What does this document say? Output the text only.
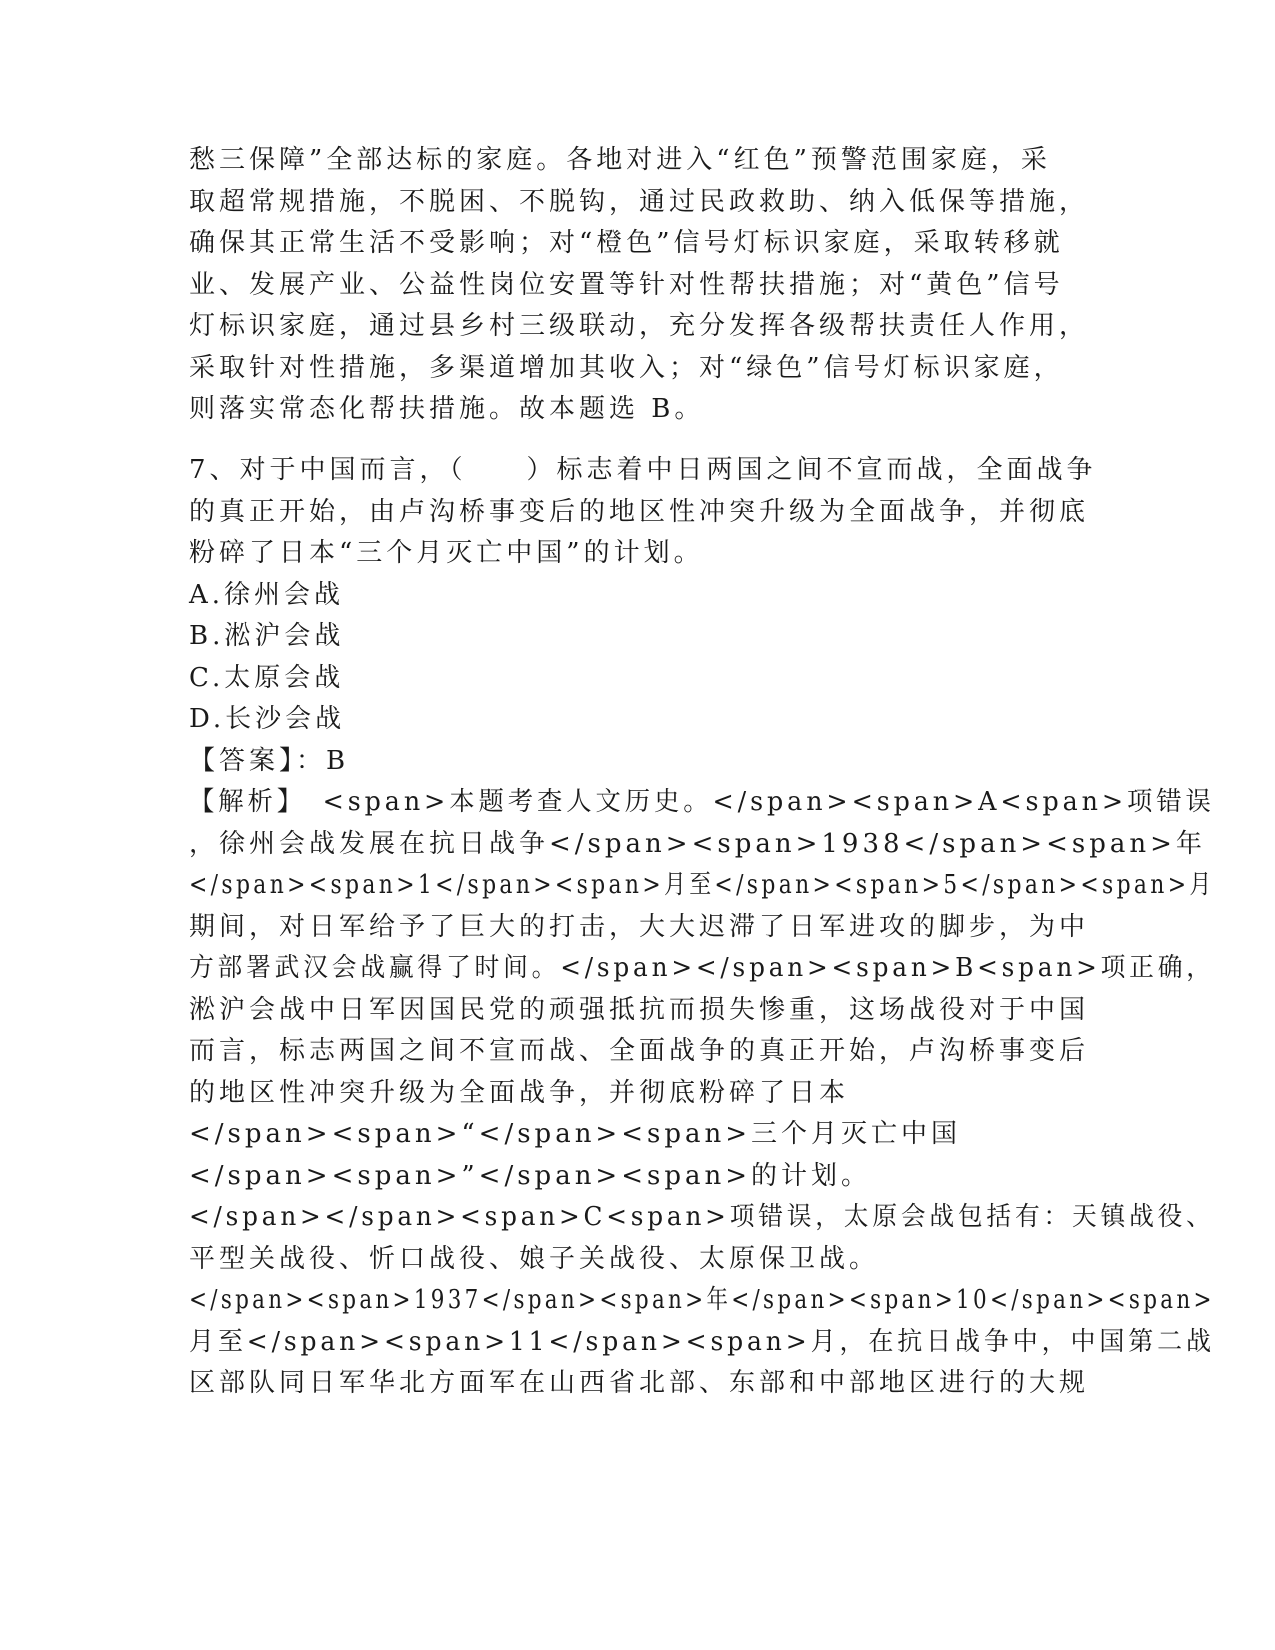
愁三保障”全部达标的家庭。各地对进入“红色”预警范围家庭，采
取超常规措施，不脱困、不脱钩，通过民政救助、纳入低保等措施，
确保其正常生活不受影响；对“橙色”信号灯标识家庭，采取转移就
业、发展产业、公益性岗位安置等针对性帮扶措施；对“黄色”信号
灯标识家庭，通过县乡村三级联动，充分发挥各级帮扶责任人作用，
采取针对性措施，多渠道增加其收入；对“绿色”信号灯标识家庭，
则落实常态化帮扶措施。故本题选 B。
7、对于中国而言，（　　）标志着中日两国之间不宣而战，全面战争
的真正开始，由卢沟桥事变后的地区性冲突升级为全面战争，并彻底
粉碎了日本“三个月灭亡中国”的计划。
A.徐州会战
B.淞沪会战
C.太原会战
D.长沙会战
【答案】：B
【解析】　<span>本题考查人文历史。</span><span>A<span>项错误
，徐州会战发展在抗日战争</span><span>1938</span><span>年
</span><span>1</span><span>月至</span><span>5</span><span>月
期间，对日军给予了巨大的打击，大大迟滞了日军进攻的脚步，为中
方部署武汉会战赢得了时间。</span></span><span>B<span>项正确，
淞沪会战中日军因国民党的顽强抵抗而损失惨重，这场战役对于中国
而言，标志两国之间不宣而战、全面战争的真正开始，卢沟桥事变后
的地区性冲突升级为全面战争，并彻底粉碎了日本
</span><span>“</span><span>三个月灭亡中国
</span><span>”</span><span>的计划。
</span></span><span>C<span>项错误，太原会战包括有：天镇战役、
平型关战役、忻口战役、娘子关战役、太原保卫战。
</span><span>1937</span><span>年</span><span>10</span><span>
月至</span><span>11</span><span>月，在抗日战争中，中国第二战
区部队同日军华北方面军在山西省北部、东部和中部地区进行的大规
